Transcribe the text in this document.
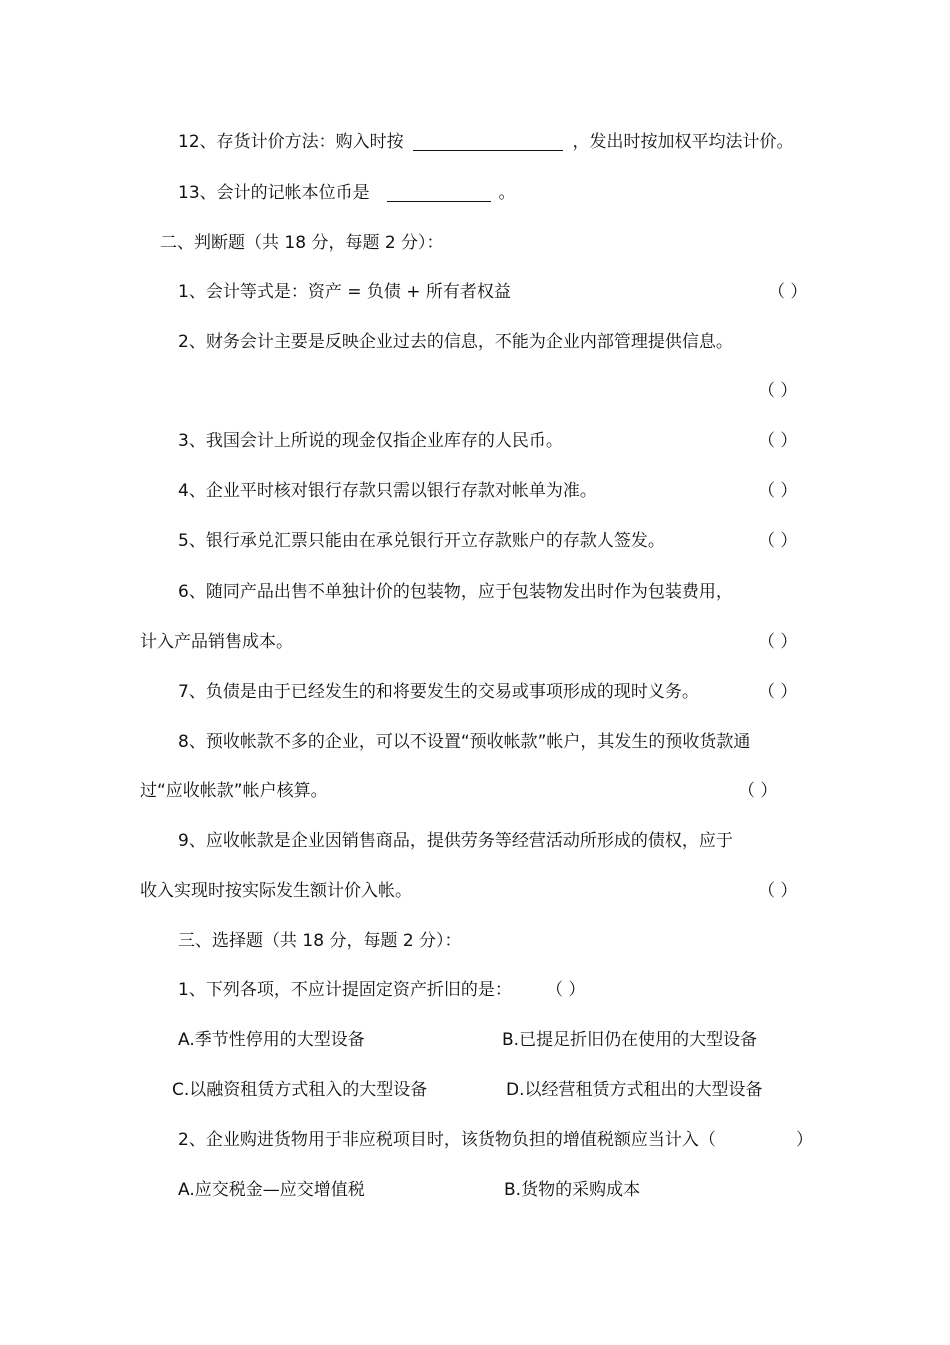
12、存货计价方法：购入时按	，发出时按加权平均法计价。
13、会计的记帐本位币是	。
二、判断题（共 18 分，每题 2 分）：
1、会计等式是：资产 = 负债 + 所有者权益	（ ）
2、财务会计主要是反映企业过去的信息，不能为企业内部管理提供信息。
（ ）
3、我国会计上所说的现金仅指企业库存的人民币。	（ ）
4、企业平时核对银行存款只需以银行存款对帐单为准。	（ ）
5、银行承兑汇票只能由在承兑银行开立存款账户的存款人签发。	（ ）
6、随同产品出售不单独计价的包装物，应于包装物发出时作为包装费用，
计入产品销售成本。	（ ）
7、负债是由于已经发生的和将要发生的交易或事项形成的现时义务。	（ ）
8、预收帐款不多的企业，可以不设置“预收帐款”帐户，其发生的预收货款通
过“应收帐款”帐户核算。	（ ）
9、应收帐款是企业因销售商品，提供劳务等经营活动所形成的债权，应于
收入实现时按实际发生额计价入帐。	（ ）
三、选择题（共 18 分，每题 2 分）：
1、下列各项，不应计提固定资产折旧的是： （ ）
A.季节性停用的大型设备	B.已提足折旧仍在使用的大型设备
C.以融资租赁方式租入的大型设备	D.以经营租赁方式租出的大型设备
2、企业购进货物用于非应税项目时，该货物负担的增值税额应当计入（	）
A.应交税金—应交增值税	B.货物的采购成本
